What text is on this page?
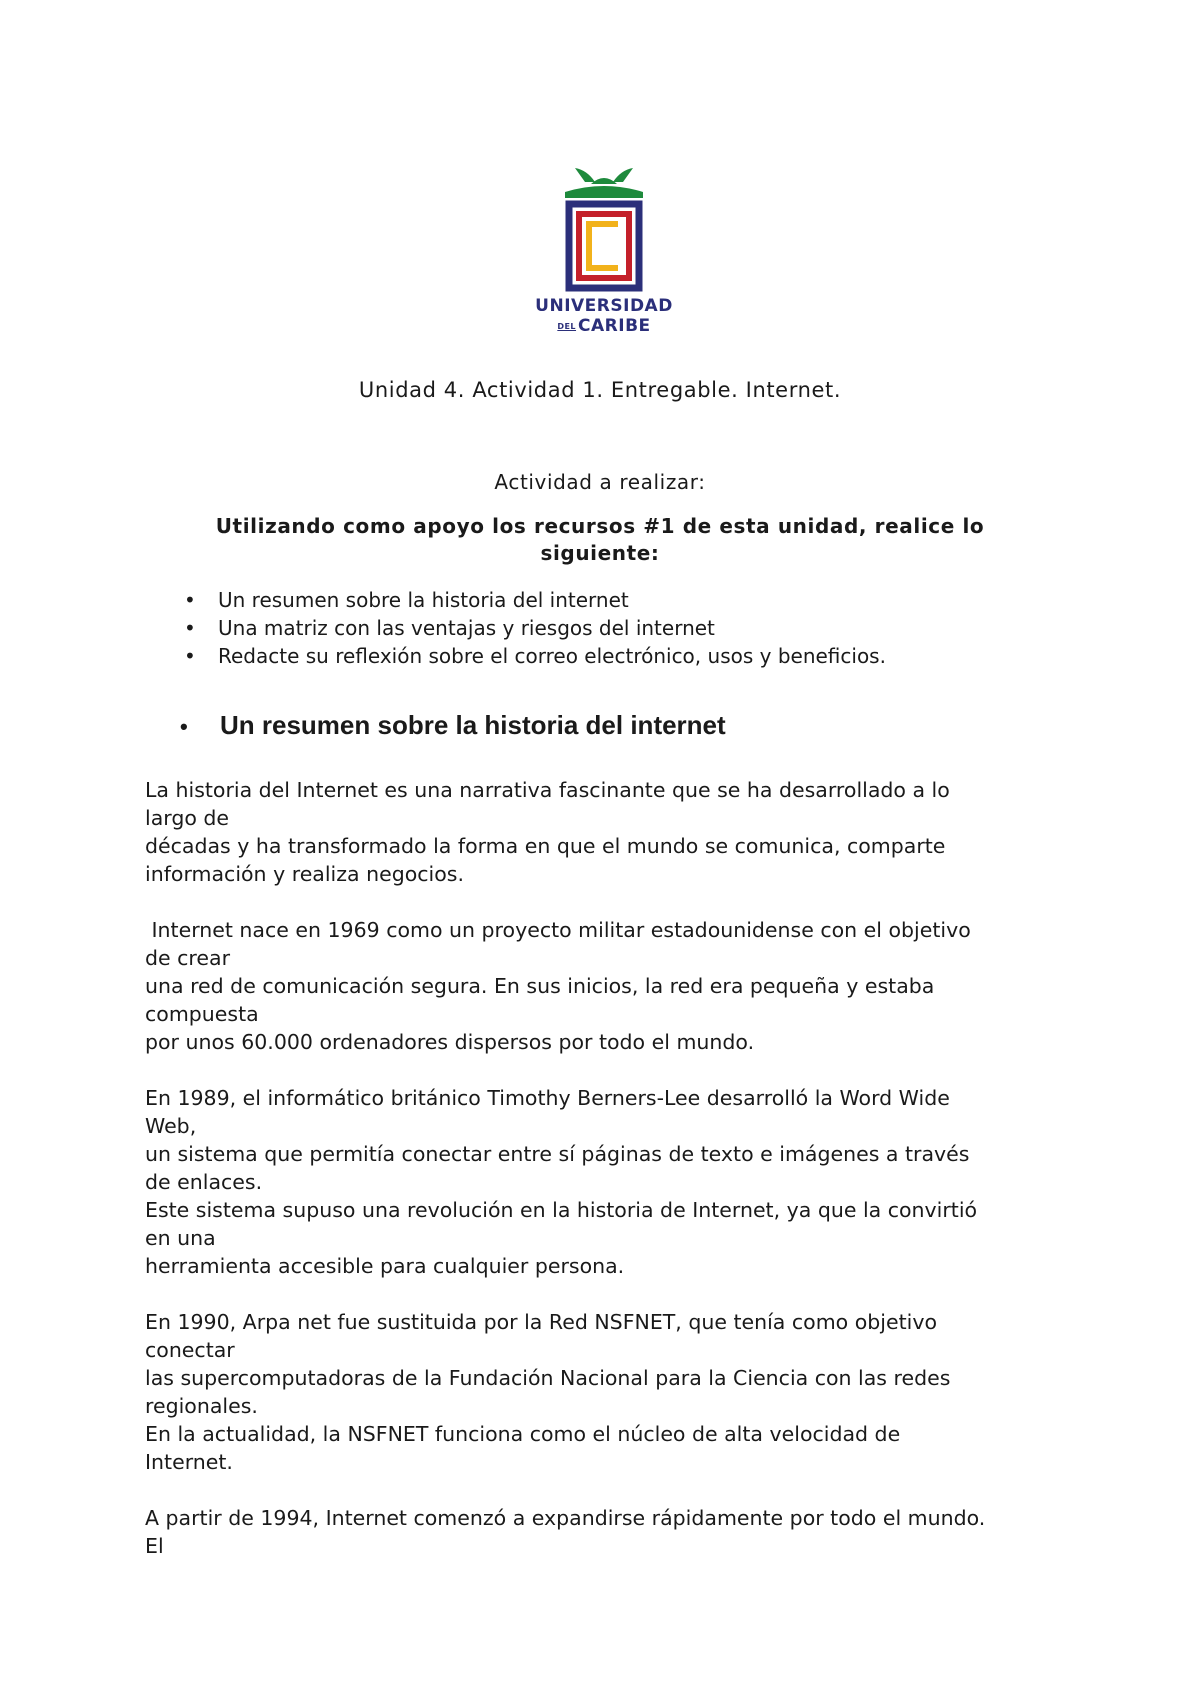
UNIVERSIDAD
DEL CARIBE
Unidad 4. Actividad 1. Entregable. Internet.
Actividad a realizar:
Utilizando como apoyo los recursos #1 de esta unidad, realice lo siguiente:
• Un resumen sobre la historia del internet
• Una matriz con las ventajas y riesgos del internet
• Redacte su reflexión sobre el correo electrónico, usos y beneficios.
• Un resumen sobre la historia del internet

La historia del Internet es una narrativa fascinante que se ha desarrollado a lo
largo de
décadas y ha transformado la forma en que el mundo se comunica, comparte
información y realiza negocios.

Internet nace en 1969 como un proyecto militar estadounidense con el objetivo
de crear
una red de comunicación segura. En sus inicios, la red era pequeña y estaba
compuesta
por unos 60.000 ordenadores dispersos por todo el mundo.

En 1989, el informático británico Timothy Berners-Lee desarrolló la Word Wide
Web,
un sistema que permitía conectar entre sí páginas de texto e imágenes a través
de enlaces.
Este sistema supuso una revolución en la historia de Internet, ya que la convirtió
en una
herramienta accesible para cualquier persona.

En 1990, Arpa net fue sustituida por la Red NSFNET, que tenía como objetivo
conectar
las supercomputadoras de la Fundación Nacional para la Ciencia con las redes
regionales.
En la actualidad, la NSFNET funciona como el núcleo de alta velocidad de
Internet.

A partir de 1994, Internet comenzó a expandirse rápidamente por todo el mundo.
El
